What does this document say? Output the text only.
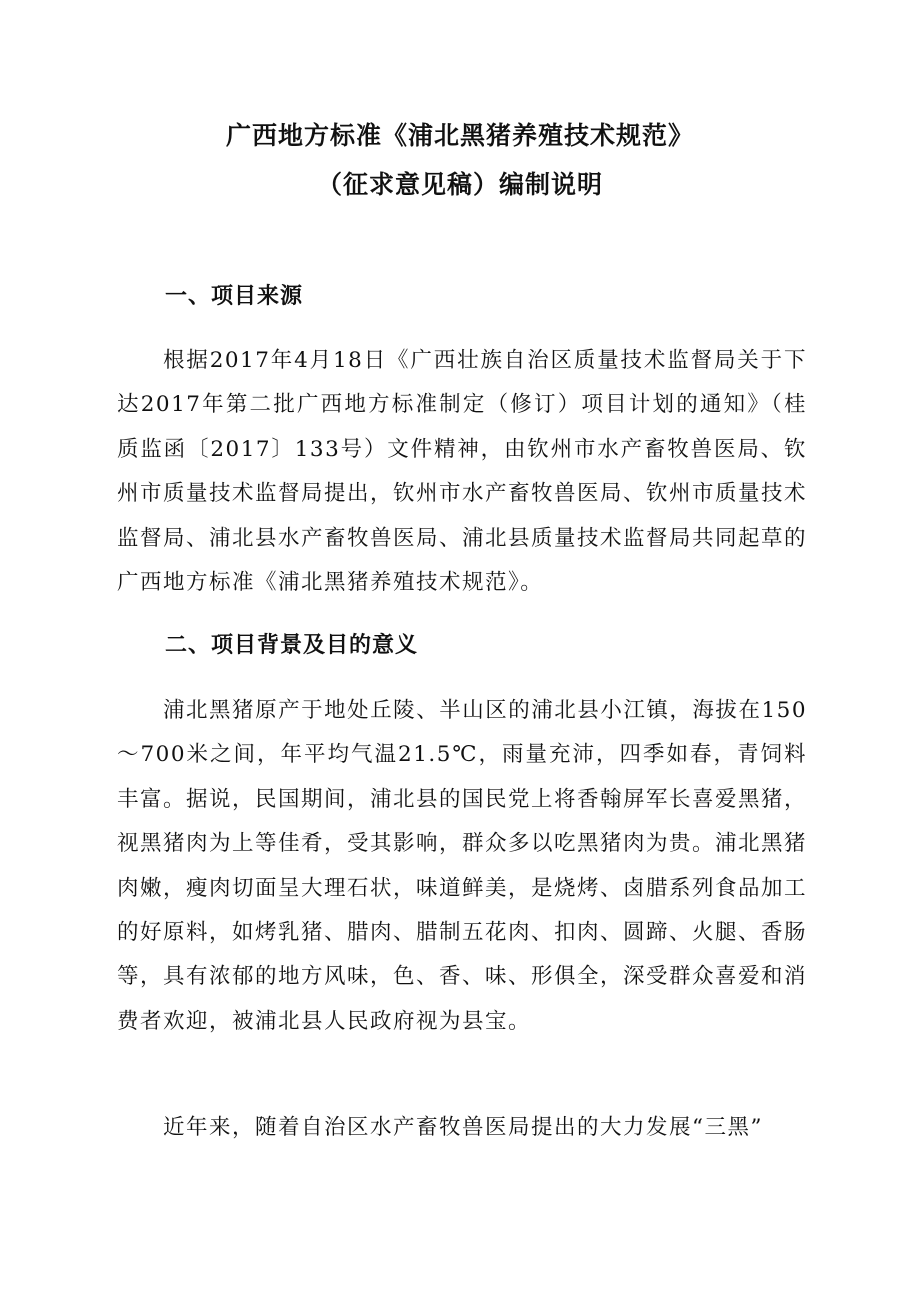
广西地方标准《浦北黑猪养殖技术规范》
（征求意见稿）编制说明
一、项目来源

根据2017年4月18日《广西壮族自治区质量技术监督局关于下达2017年第二批广西地方标准制定（修订）项目计划的通知》（桂质监函〔2017〕133号）文件精神，由钦州市水产畜牧兽医局、钦州市质量技术监督局提出，钦州市水产畜牧兽医局、钦州市质量技术监督局、浦北县水产畜牧兽医局、浦北县质量技术监督局共同起草的广西地方标准《浦北黑猪养殖技术规范》。

二、项目背景及目的意义

浦北黑猪原产于地处丘陵、半山区的浦北县小江镇，海拔在150～700米之间，年平均气温21.5℃，雨量充沛，四季如春，青饲料丰富。据说，民国期间，浦北县的国民党上将香翰屏军长喜爱黑猪，视黑猪肉为上等佳肴，受其影响，群众多以吃黑猪肉为贵。浦北黑猪肉嫩，瘦肉切面呈大理石状，味道鲜美，是烧烤、卤腊系列食品加工的好原料，如烤乳猪、腊肉、腊制五花肉、扣肉、圆蹄、火腿、香肠等，具有浓郁的地方风味，色、香、味、形俱全，深受群众喜爱和消费者欢迎，被浦北县人民政府视为县宝。

近年来，随着自治区水产畜牧兽医局提出的大力发展“三黑”
